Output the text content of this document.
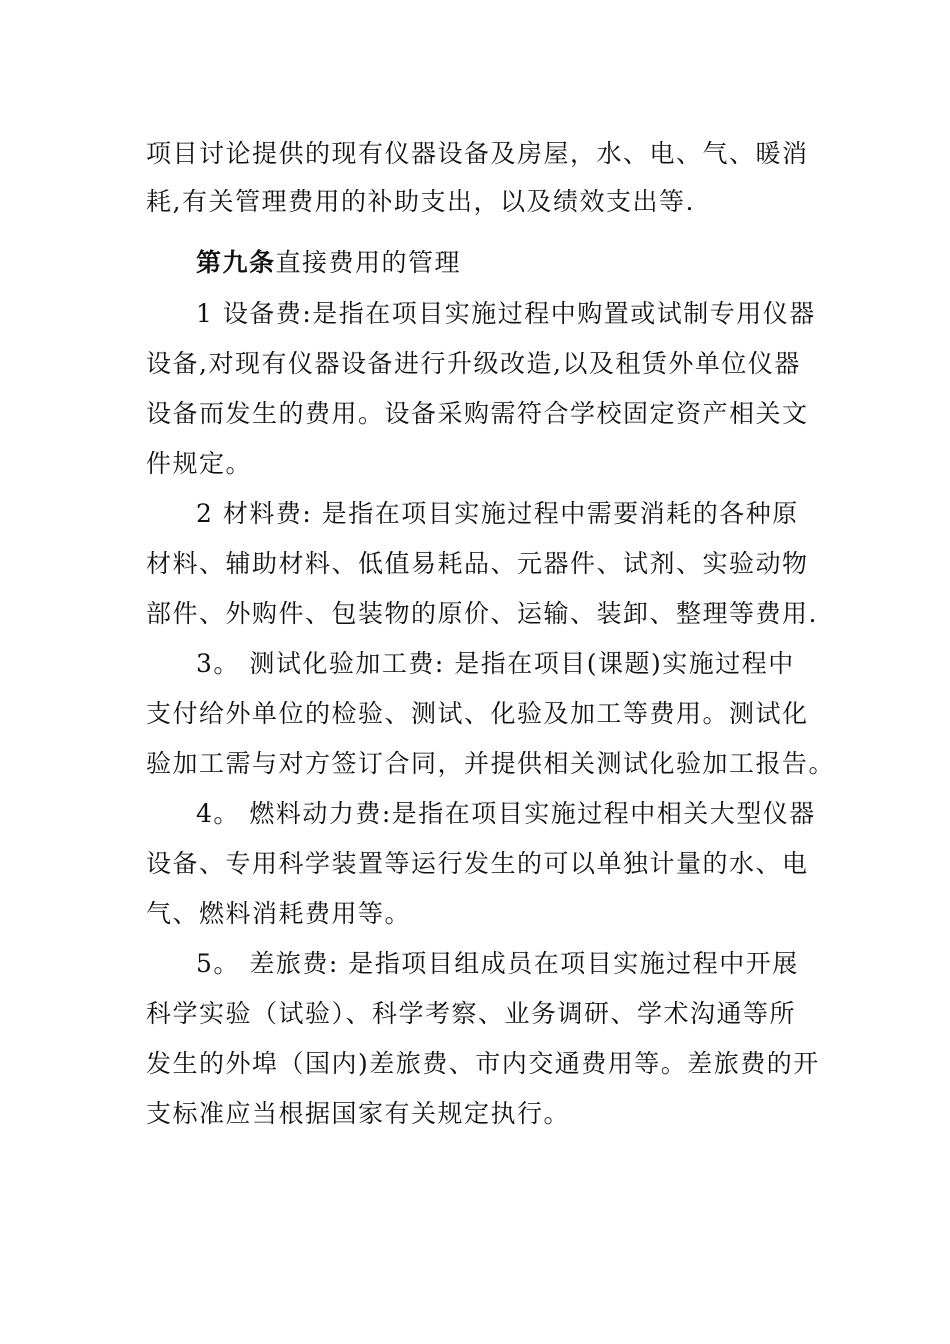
项目讨论提供的现有仪器设备及房屋，水、电、气、暖消
耗,有关管理费用的补助支出，以及绩效支出等.
第九条直接费用的管理
1 设备费:是指在项目实施过程中购置或试制专用仪器
设备,对现有仪器设备进行升级改造,以及租赁外单位仪器
设备而发生的费用。设备采购需符合学校固定资产相关文
件规定。
2 材料费: 是指在项目实施过程中需要消耗的各种原
材料、辅助材料、低值易耗品、元器件、试剂、实验动物
部件、外购件、包装物的原价、运输、装卸、整理等费用.
3。 测试化验加工费: 是指在项目(课题)实施过程中
支付给外单位的检验、测试、化验及加工等费用。测试化
验加工需与对方签订合同，并提供相关测试化验加工报告。
4。 燃料动力费:是指在项目实施过程中相关大型仪器
设备、专用科学装置等运行发生的可以单独计量的水、电
气、燃料消耗费用等。
5。 差旅费: 是指项目组成员在项目实施过程中开展
科学实验（试验）、科学考察、业务调研、学术沟通等所
发生的外埠（国内)差旅费、市内交通费用等。差旅费的开
支标准应当根据国家有关规定执行。
